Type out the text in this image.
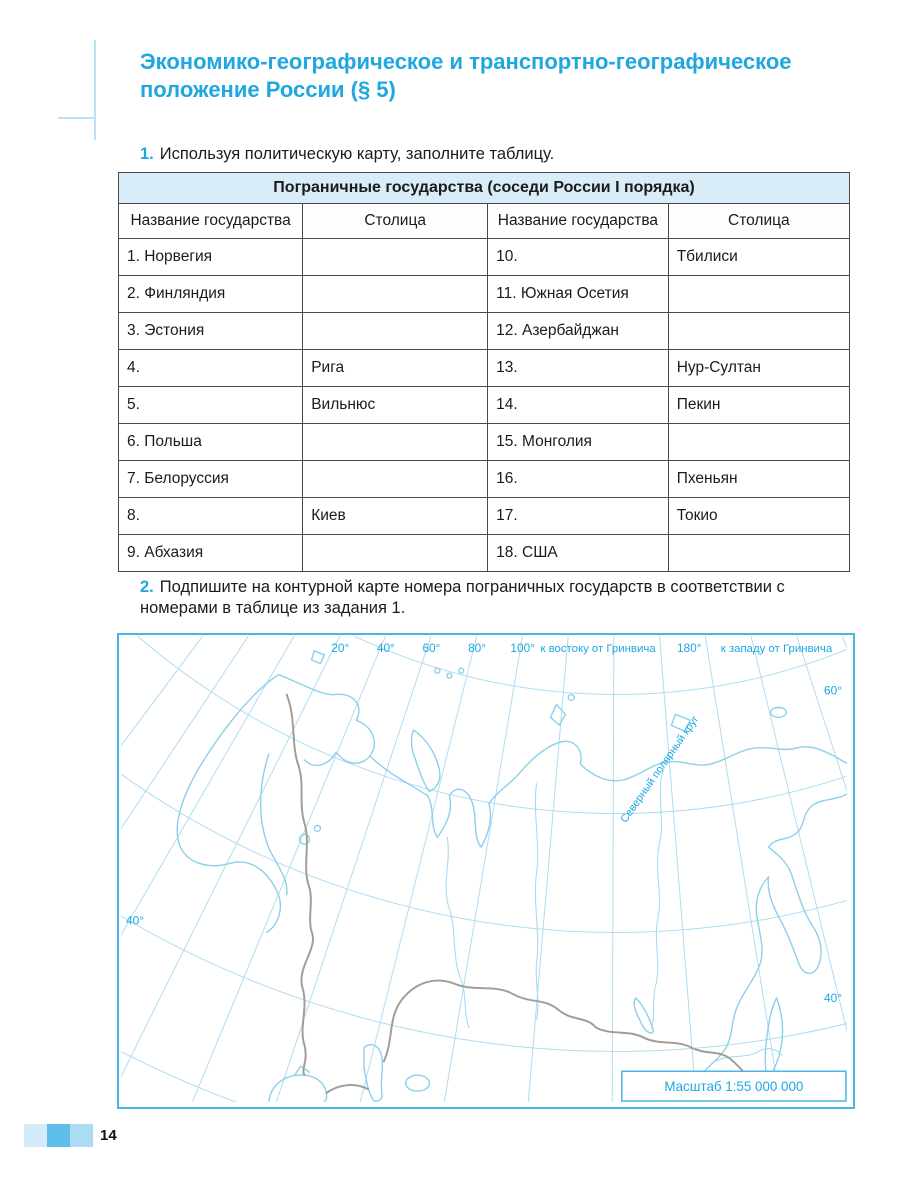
Экономико-географическое и транспортно-географическое
положение России (§ 5)
1. Используя политическую карту, заполните таблицу.
Пограничные государства (соседи России I порядка)			
Название государства	Столица	Название государства	Столица
1. Норвегия		10.	Тбилиси
2. Финляндия		11. Южная Осетия	
3. Эстония		12. Азербайджан	
4.	Рига	13.	Нур-Султан
5.	Вильнюс	14.	Пекин
6. Польша		15. Монголия	
7. Белоруссия		16.	Пхеньян
8.	Киев	17.	Токио
9. Абхазия		18. США	
2. Подпишите на контурной карте номера пограничных государств в соответствии с номерами в таблице из задания 1.
20° 40° 60° 80° 100° к востоку от Гринвича 180° к западу от Гринвича
60°
40°
40°
Северный полярный круг
Масштаб 1:55 000 000
14
